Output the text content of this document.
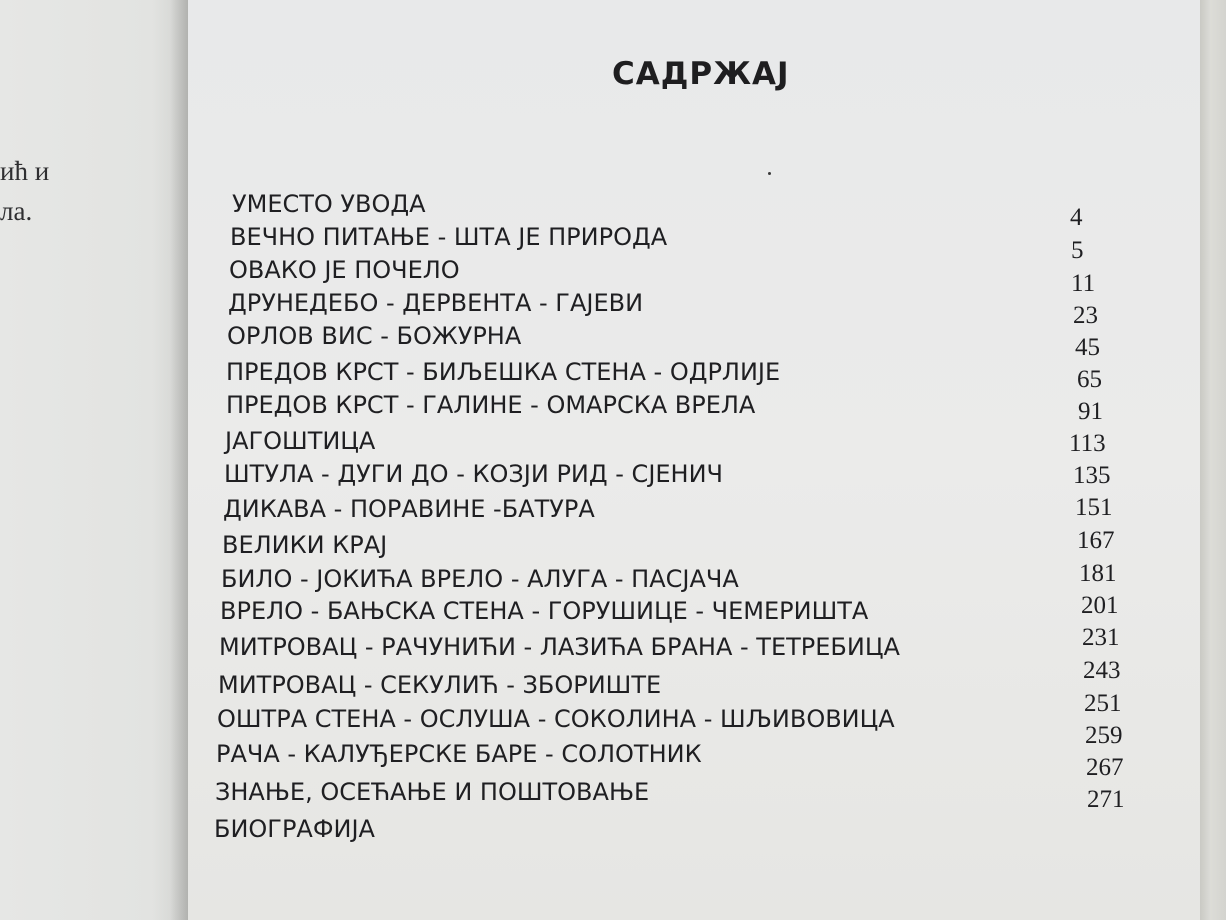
ић и
ла.
САДРЖАЈ
УМЕСТО УВОДА
ВЕЧНО ПИТАЊЕ - ШТА ЈЕ ПРИРОДА
ОВАКО ЈЕ ПОЧЕЛО
ДРУНЕДЕБО - ДЕРВЕНТА - ГАЈЕВИ
ОРЛОВ ВИС - БОЖУРНА
ПРЕДОВ КРСТ - БИЉЕШКА СТЕНА - ОДРЛИЈЕ
ПРЕДОВ КРСТ - ГАЛИНЕ - ОМАРСКА ВРЕЛА
ЈАГОШТИЦА
ШТУЛА - ДУГИ ДО - КОЗЈИ РИД - СЈЕНИЧ
ДИКАВА - ПОРАВИНЕ -БАТУРА
ВЕЛИКИ КРАЈ
БИЛО - ЈОКИЋА ВРЕЛО - АЛУГА - ПАСЈАЧА
ВРЕЛО - БАЊСКА СТЕНА - ГОРУШИЦЕ - ЧЕМЕРИШТА
МИТРОВАЦ - РАЧУНИЋИ - ЛАЗИЋА БРАНА - ТЕТРЕБИЦА
МИТРОВАЦ - СЕКУЛИЋ - ЗБОРИШТЕ
ОШТРА СТЕНА - ОСЛУША - СОКОЛИНА - ШЉИВОВИЦА
РАЧА - КАЛУЂЕРСКЕ БАРЕ - СОЛОТНИК
ЗНАЊЕ, ОСЕЋАЊЕ И ПОШТОВАЊЕ
БИОГРАФИЈА
4
5
11
23
45
65
91
113
135
151
167
181
201
231
243
251
259
267
271
